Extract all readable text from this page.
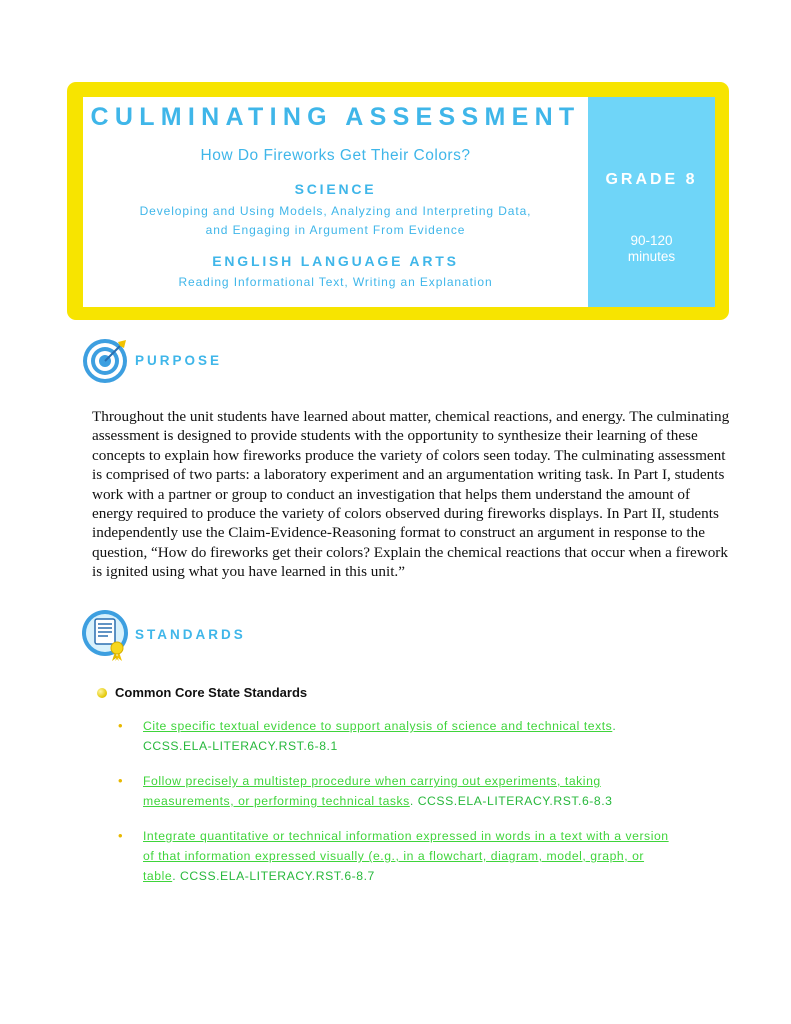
CULMINATING ASSESSMENT
How Do Fireworks Get Their Colors?
SCIENCE
Developing and Using Models, Analyzing and Interpreting Data,
and Engaging in Argument From Evidence
ENGLISH LANGUAGE ARTS
Reading Informational Text, Writing an Explanation
GRADE 8
90-120
minutes
PURPOSE
Throughout the unit students have learned about matter, chemical reactions, and energy. The culminating assessment is designed to provide students with the opportunity to synthesize their learning of these concepts to explain how fireworks produce the variety of colors seen today. The culminating assessment is comprised of two parts: a laboratory experiment and an argumentation writing task. In Part I, students work with a partner or group to conduct an investigation that helps them understand the amount of energy required to produce the variety of colors observed during fireworks displays. In Part II, students independently use the Claim-Evidence-Reasoning format to construct an argument in response to the question, “How do fireworks get their colors? Explain the chemical reactions that occur when a firework is ignited using what you have learned in this unit.”
STANDARDS
Common Core State Standards
• Cite specific textual evidence to support analysis of science and technical texts. CCSS.ELA-LITERACY.RST.6-8.1
• Follow precisely a multistep procedure when carrying out experiments, taking measurements, or performing technical tasks. CCSS.ELA-LITERACY.RST.6-8.3
• Integrate quantitative or technical information expressed in words in a text with a version of that information expressed visually (e.g., in a flowchart, diagram, model, graph, or table. CCSS.ELA-LITERACY.RST.6-8.7
